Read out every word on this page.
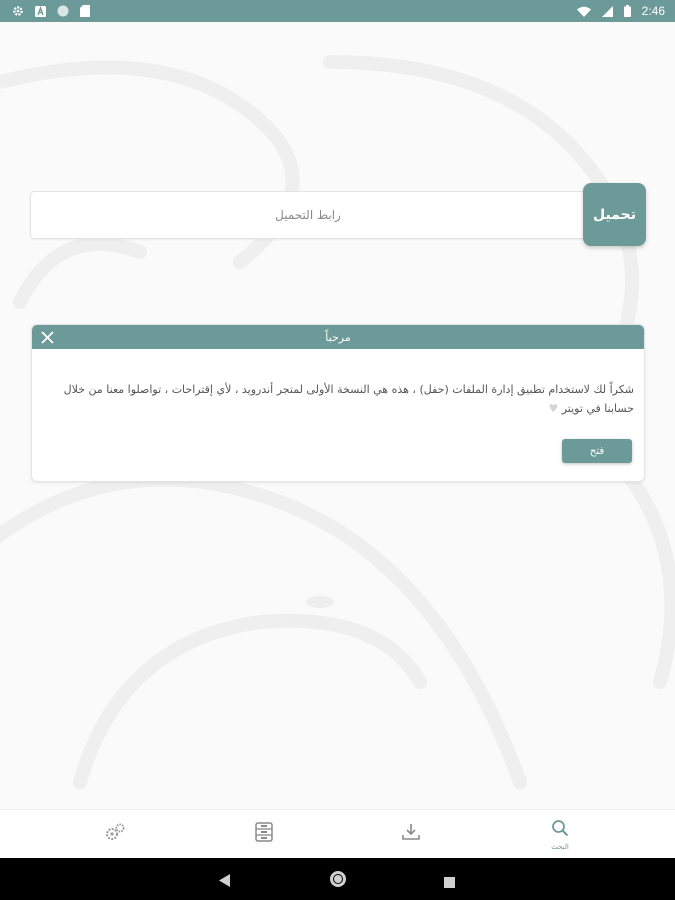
2:46
رابط التحميل
تحميل
مرحباً
شكراً لك لاستخدام تطبيق إدارة الملفات (حفل) ، هذه هي النسخة الأولى لمتجر أندرويد ، لأي إقتراحات ، تواصلوا معنا من خلال حسابنا في تويتر ♥
فتح
البحث
